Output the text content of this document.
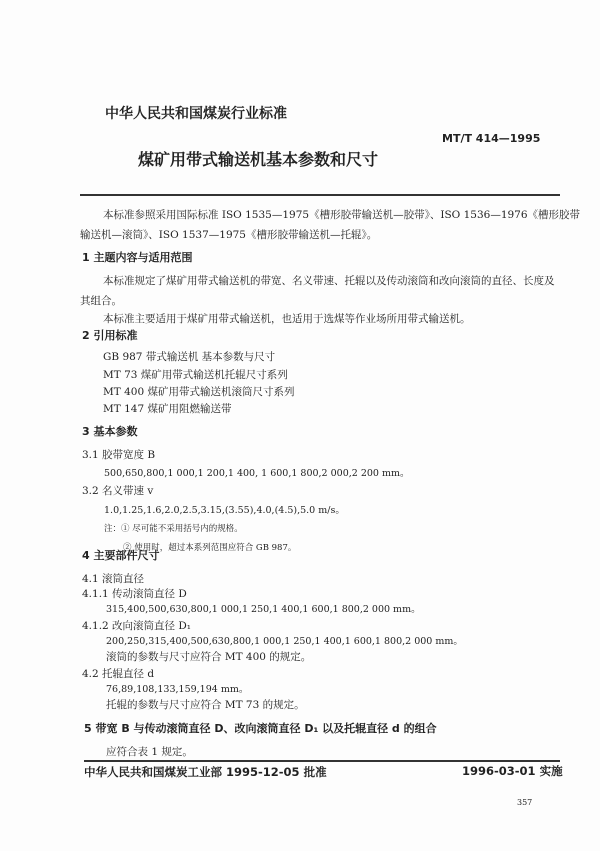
中华人民共和国煤炭行业标准
MT/T 414—1995
煤矿用带式输送机基本参数和尺寸
本标准参照采用国际标准 ISO 1535—1975《槽形胶带输送机—胶带》、ISO 1536—1976《槽形胶带
输送机—滚筒》、ISO 1537—1975《槽形胶带输送机—托辊》。
1 主题内容与适用范围
本标准规定了煤矿用带式输送机的带宽、名义带速、托辊以及传动滚筒和改向滚筒的直径、长度及
其组合。
本标准主要适用于煤矿用带式输送机，也适用于选煤等作业场所用带式输送机。
2 引用标准
GB 987 带式输送机 基本参数与尺寸
MT 73 煤矿用带式输送机托辊尺寸系列
MT 400 煤矿用带式输送机滚筒尺寸系列
MT 147 煤矿用阻燃输送带
3 基本参数
3.1 胶带宽度 B
500,650,800,1 000,1 200,1 400, 1 600,1 800,2 000,2 200 mm。
3.2 名义带速 v
1.0,1.25,1.6,2.0,2.5,3.15,(3.55),4.0,(4.5),5.0 m/s。
注：① 尽可能不采用括号内的规格。
② 使用时，超过本系列范围应符合 GB 987。
4 主要部件尺寸
4.1 滚筒直径
4.1.1 传动滚筒直径 D
315,400,500,630,800,1 000,1 250,1 400,1 600,1 800,2 000 mm。
4.1.2 改向滚筒直径 D₁
200,250,315,400,500,630,800,1 000,1 250,1 400,1 600,1 800,2 000 mm。
滚筒的参数与尺寸应符合 MT 400 的规定。
4.2 托辊直径 d
76,89,108,133,159,194 mm。
托辊的参数与尺寸应符合 MT 73 的规定。
5 带宽 B 与传动滚筒直径 D、改向滚筒直径 D₁ 以及托辊直径 d 的组合
应符合表 1 规定。
中华人民共和国煤炭工业部 1995-12-05 批准	1996-03-01 实施
357
